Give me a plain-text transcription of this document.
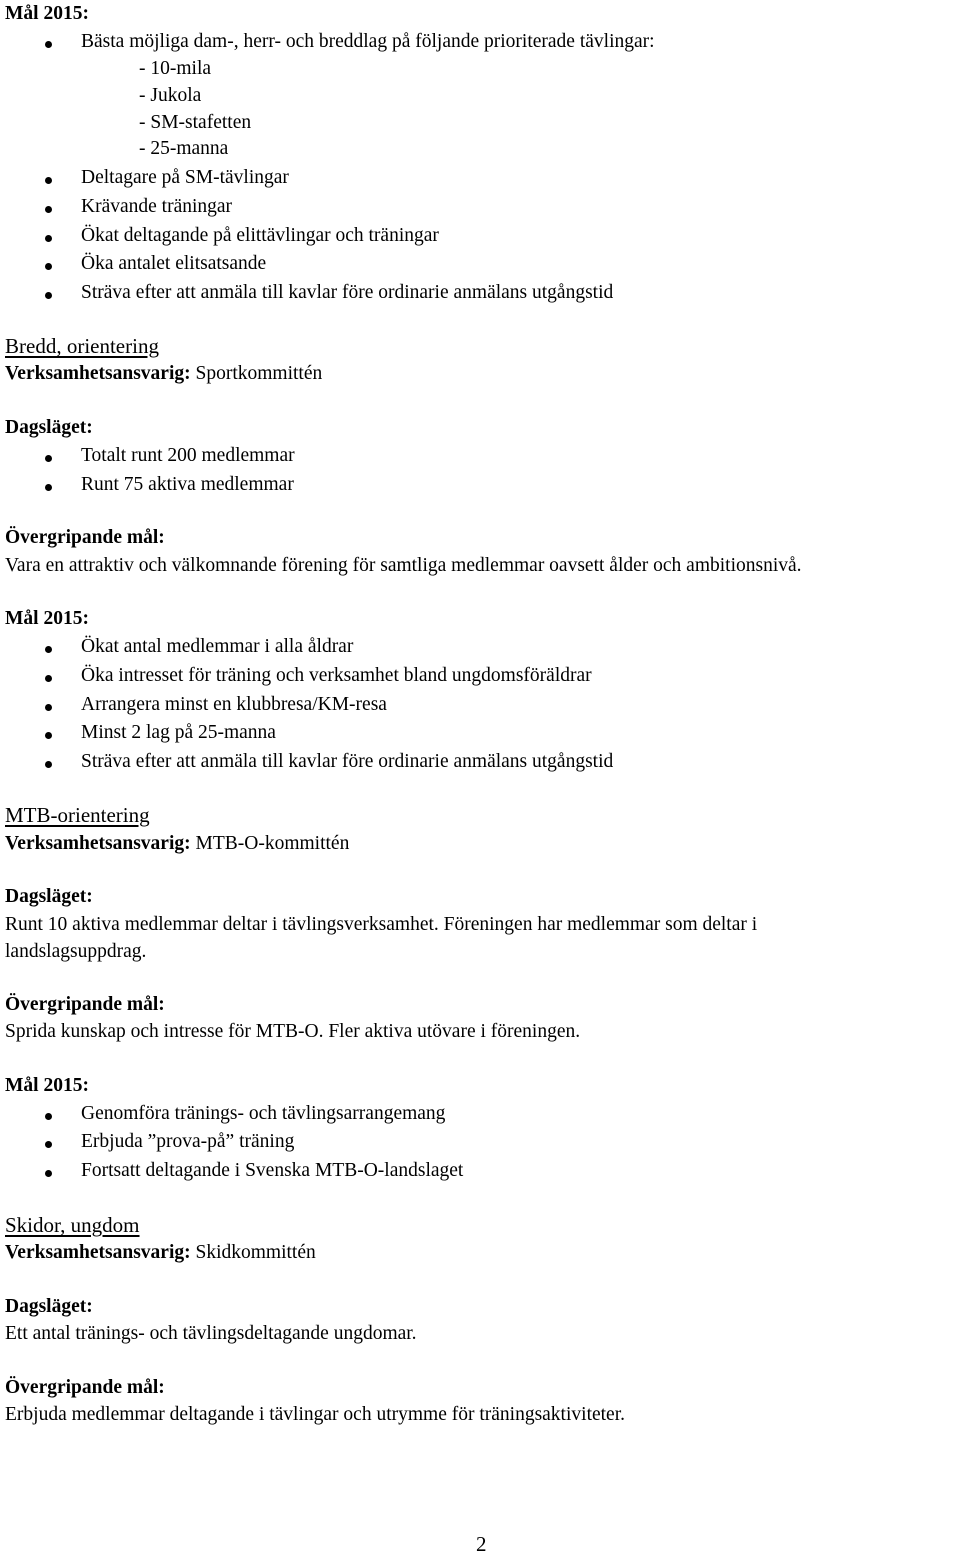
Mål 2015:
Bästa möjliga dam-, herr- och breddlag på följande prioriterade tävlingar:
- 10-mila
- Jukola
- SM-stafetten
- 25-manna
Deltagare på SM-tävlingar
Krävande träningar
Ökat deltagande på elittävlingar och träningar
Öka antalet elitsatsande
Sträva efter att anmäla till kavlar före ordinarie anmälans utgångstid
Bredd, orientering
Verksamhetsansvarig: Sportkommittén
Dagsläget:
Totalt runt 200 medlemmar
Runt 75 aktiva medlemmar
Övergripande mål:
Vara en attraktiv och välkomnande förening för samtliga medlemmar oavsett ålder och ambitionsnivå.
Mål 2015:
Ökat antal medlemmar i alla åldrar
Öka intresset för träning och verksamhet bland ungdomsföräldrar
Arrangera minst en klubbresa/KM-resa
Minst 2 lag på 25-manna
Sträva efter att anmäla till kavlar före ordinarie anmälans utgångstid
MTB-orientering
Verksamhetsansvarig: MTB-O-kommittén
Dagsläget:
Runt 10 aktiva medlemmar deltar i tävlingsverksamhet. Föreningen har medlemmar som deltar i
landslagsuppdrag.
Övergripande mål:
Sprida kunskap och intresse för MTB-O. Fler aktiva utövare i föreningen.
Mål 2015:
Genomföra tränings- och tävlingsarrangemang
Erbjuda ”prova-på” träning
Fortsatt deltagande i Svenska MTB-O-landslaget
Skidor, ungdom
Verksamhetsansvarig: Skidkommittén
Dagsläget:
Ett antal tränings- och tävlingsdeltagande ungdomar.
Övergripande mål:
Erbjuda medlemmar deltagande i tävlingar och utrymme för träningsaktiviteter.
2
